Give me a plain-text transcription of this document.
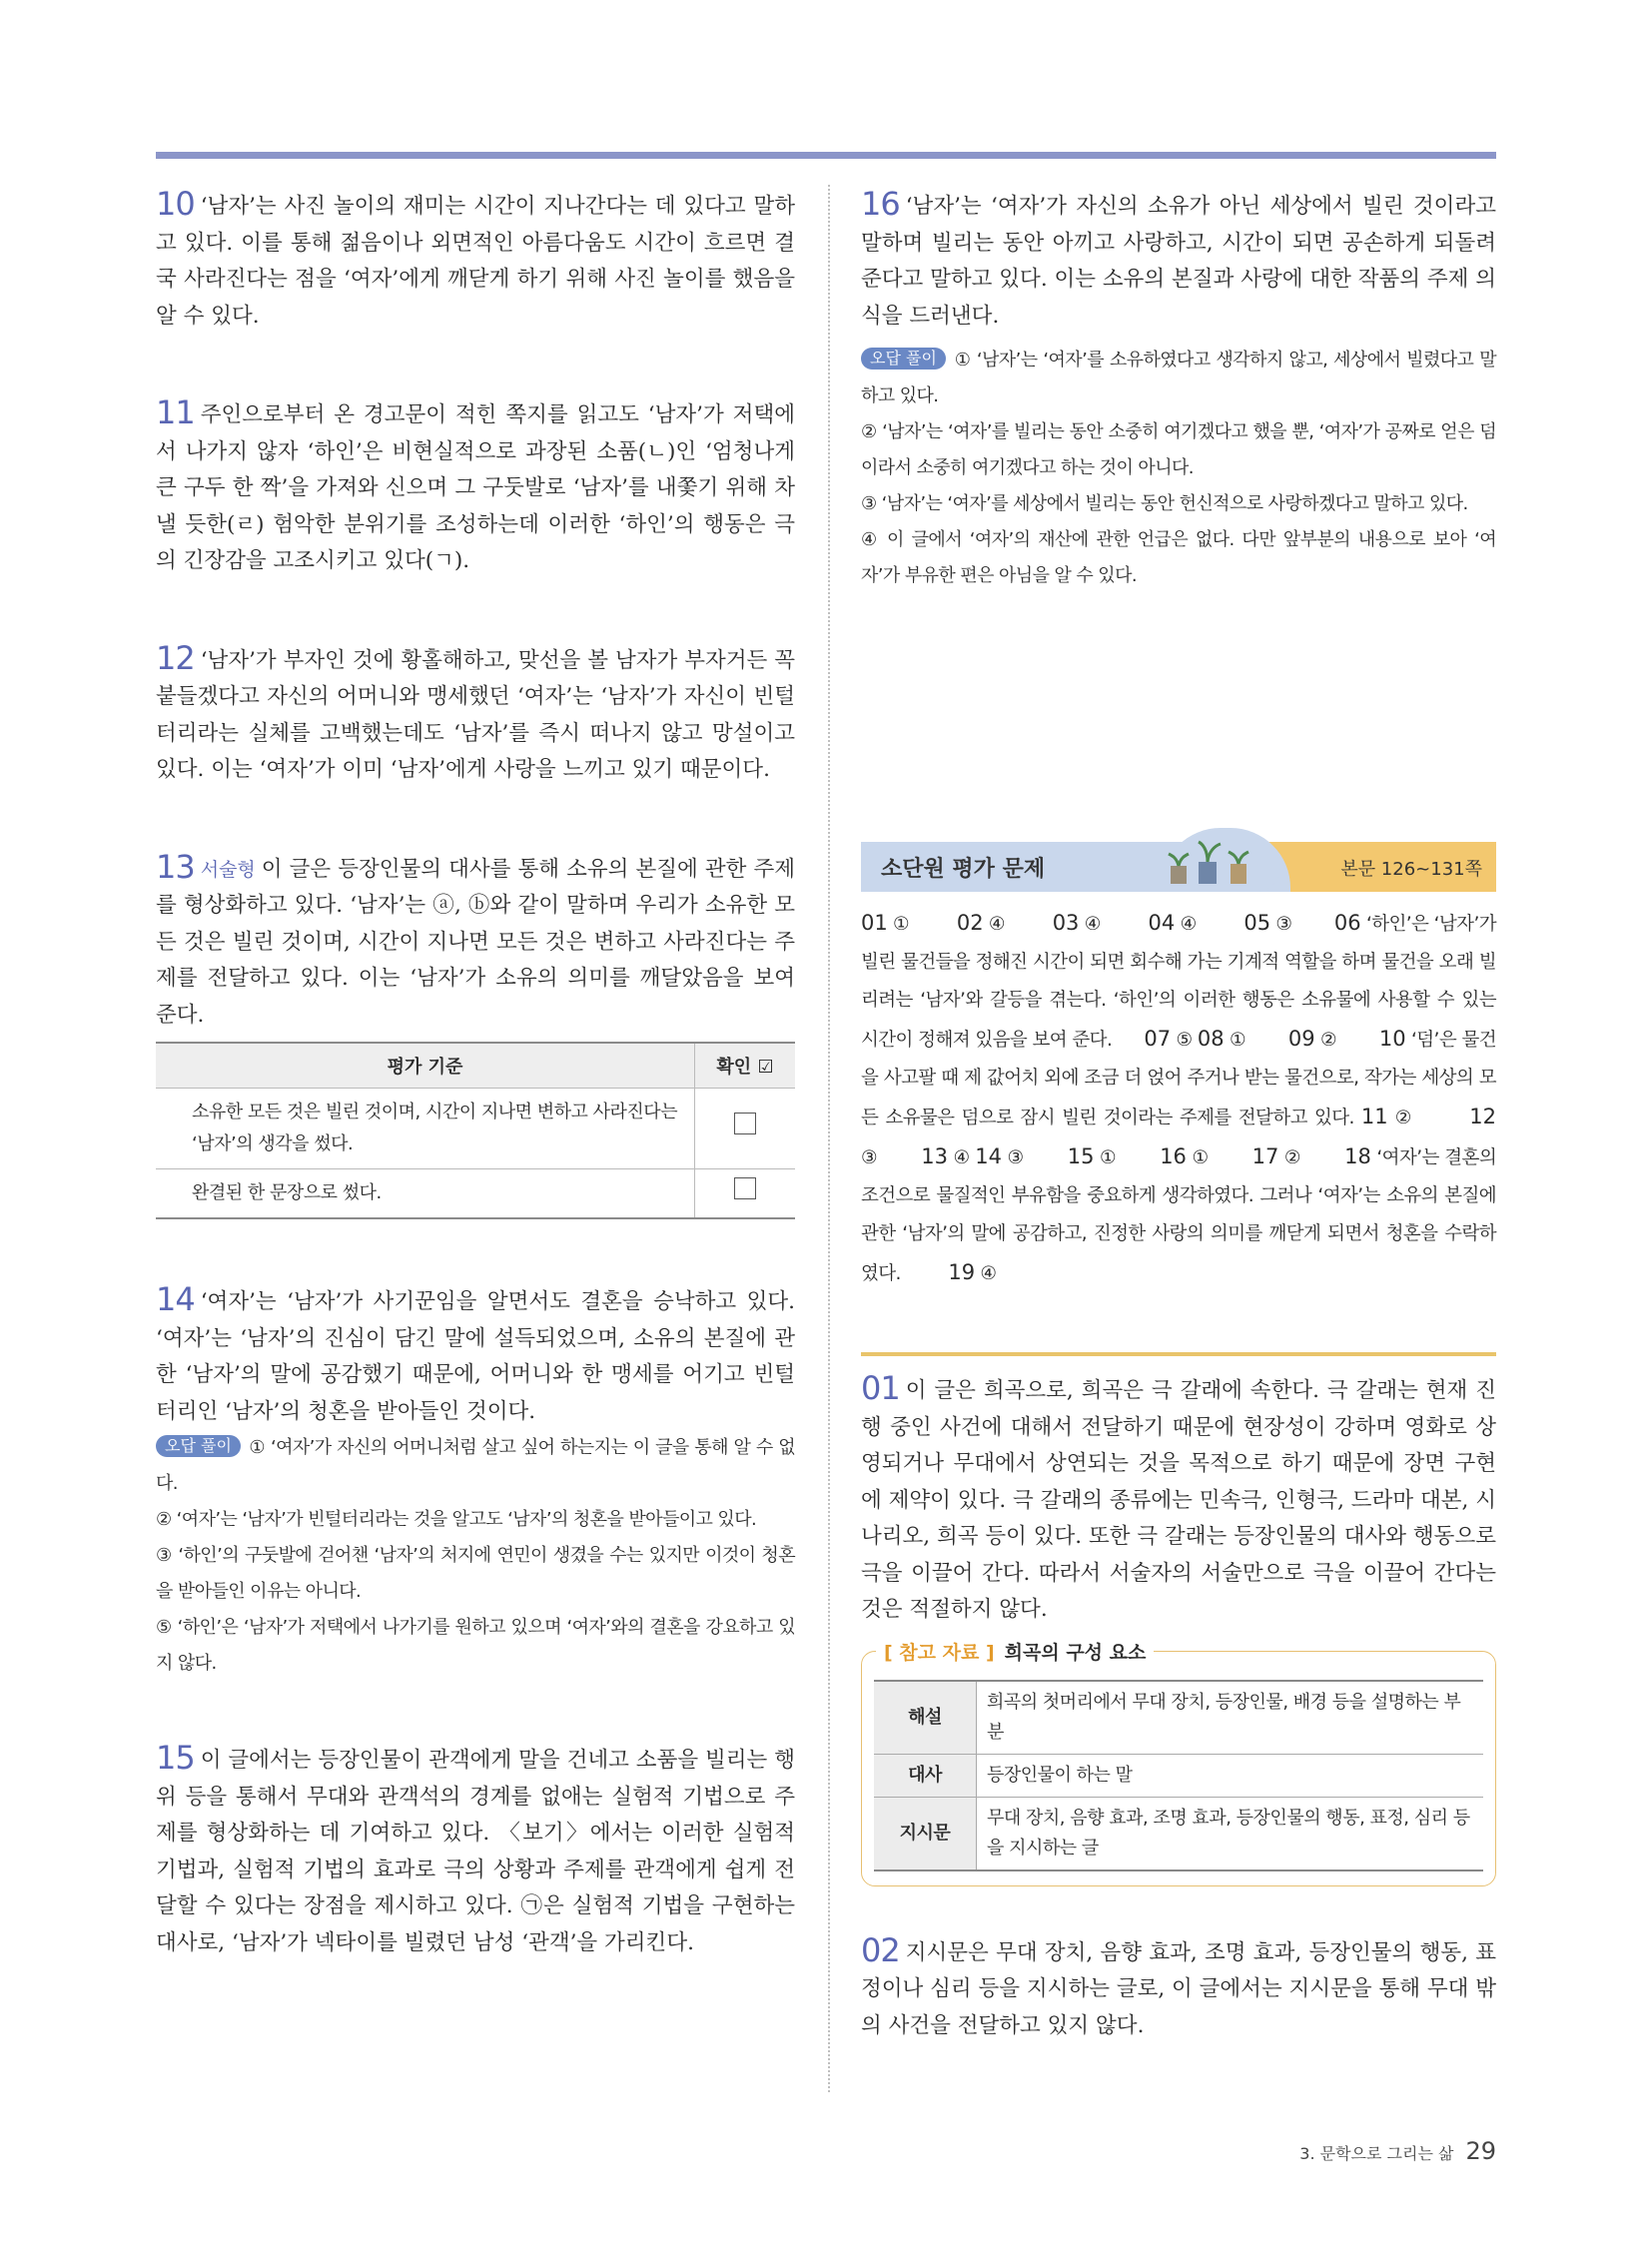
10 ‘남자’는 사진 놀이의 재미는 시간이 지나간다는 데 있다고 말하고 있다. 이를 통해 젊음이나 외면적인 아름다움도 시간이 흐르면 결국 사라진다는 점을 ‘여자’에게 깨닫게 하기 위해 사진 놀이를 했음을 알 수 있다.

11 주인으로부터 온 경고문이 적힌 쪽지를 읽고도 ‘남자’가 저택에서 나가지 않자 ‘하인’은 비현실적으로 과장된 소품(ㄴ)인 ‘엄청나게 큰 구두 한 짝’을 가져와 신으며 그 구둣발로 ‘남자’를 내쫓기 위해 차 낼 듯한(ㄹ) 험악한 분위기를 조성하는데 이러한 ‘하인’의 행동은 극의 긴장감을 고조시키고 있다(ㄱ).

12 ‘남자’가 부자인 것에 황홀해하고, 맞선을 볼 남자가 부자거든 꼭 붙들겠다고 자신의 어머니와 맹세했던 ‘여자’는 ‘남자’가 자신이 빈털터리라는 실체를 고백했는데도 ‘남자’를 즉시 떠나지 않고 망설이고 있다. 이는 ‘여자’가 이미 ‘남자’에게 사랑을 느끼고 있기 때문이다.

13 서술형 이 글은 등장인물의 대사를 통해 소유의 본질에 관한 주제를 형상화하고 있다. ‘남자’는 ⓐ, ⓑ와 같이 말하며 우리가 소유한 모든 것은 빌린 것이며, 시간이 지나면 모든 것은 변하고 사라진다는 주제를 전달하고 있다. 이는 ‘남자’가 소유의 의미를 깨달았음을 보여 준다.

평가 기준	확인 ☑
소유한 모든 것은 빌린 것이며, 시간이 지나면 변하고 사라진다는 ‘남자’의 생각을 썼다.	
완결된 한 문장으로 썼다.	

14 ‘여자’는 ‘남자’가 사기꾼임을 알면서도 결혼을 승낙하고 있다. ‘여자’는 ‘남자’의 진심이 담긴 말에 설득되었으며, 소유의 본질에 관한 ‘남자’의 말에 공감했기 때문에, 어머니와 한 맹세를 어기고 빈털터리인 ‘남자’의 청혼을 받아들인 것이다.

오답 풀이 ① ‘여자’가 자신의 어머니처럼 살고 싶어 하는지는 이 글을 통해 알 수 없다.

② ‘여자’는 ‘남자’가 빈털터리라는 것을 알고도 ‘남자’의 청혼을 받아들이고 있다.

③ ‘하인’의 구둣발에 걷어챈 ‘남자’의 처지에 연민이 생겼을 수는 있지만 이것이 청혼을 받아들인 이유는 아니다.

⑤ ‘하인’은 ‘남자’가 저택에서 나가기를 원하고 있으며 ‘여자’와의 결혼을 강요하고 있지 않다.

15 이 글에서는 등장인물이 관객에게 말을 건네고 소품을 빌리는 행위 등을 통해서 무대와 관객석의 경계를 없애는 실험적 기법으로 주제를 형상화하는 데 기여하고 있다. 〈보기〉에서는 이러한 실험적 기법과, 실험적 기법의 효과로 극의 상황과 주제를 관객에게 쉽게 전달할 수 있다는 장점을 제시하고 있다. ㉠은 실험적 기법을 구현하는 대사로, ‘남자’가 넥타이를 빌렸던 남성 ‘관객’을 가리킨다.

16 ‘남자’는 ‘여자’가 자신의 소유가 아닌 세상에서 빌린 것이라고 말하며 빌리는 동안 아끼고 사랑하고, 시간이 되면 공손하게 되돌려 준다고 말하고 있다. 이는 소유의 본질과 사랑에 대한 작품의 주제 의식을 드러낸다.

오답 풀이 ① ‘남자’는 ‘여자’를 소유하였다고 생각하지 않고, 세상에서 빌렸다고 말하고 있다.

② ‘남자’는 ‘여자’를 빌리는 동안 소중히 여기겠다고 했을 뿐, ‘여자’가 공짜로 얻은 덤이라서 소중히 여기겠다고 하는 것이 아니다.

③ ‘남자’는 ‘여자’를 세상에서 빌리는 동안 헌신적으로 사랑하겠다고 말하고 있다.

④ 이 글에서 ‘여자’의 재산에 관한 언급은 없다. 다만 앞부분의 내용으로 보아 ‘여자’가 부유한 편은 아님을 알 수 있다.

소단원 평가 문제	본문 126~131쪽

01 ① 02 ④ 03 ④ 04 ④ 05 ③ 06 ‘하인’은 ‘남자’가 빌린 물건들을 정해진 시간이 되면 회수해 가는 기계적 역할을 하며 물건을 오래 빌리려는 ‘남자’와 갈등을 겪는다. ‘하인’의 이러한 행동은 소유물에 사용할 수 있는 시간이 정해져 있음을 보여 준다. 07 ⑤ 08 ① 09 ② 10 ‘덤’은 물건을 사고팔 때 제 값어치 외에 조금 더 얹어 주거나 받는 물건으로, 작가는 세상의 모든 소유물은 덤으로 잠시 빌린 것이라는 주제를 전달하고 있다. 11 ②	12 ③ 13 ④ 14 ③ 15 ① 16 ① 17 ② 18 ‘여자’는 결혼의 조건으로 물질적인 부유함을 중요하게 생각하였다. 그러나 ‘여자’는 소유의 본질에 관한 ‘남자’의 말에 공감하고, 진정한 사랑의 의미를 깨닫게 되면서 청혼을 수락하였다. 19 ④

01 이 글은 희곡으로, 희곡은 극 갈래에 속한다. 극 갈래는 현재 진행 중인 사건에 대해서 전달하기 때문에 현장성이 강하며 영화로 상영되거나 무대에서 상연되는 것을 목적으로 하기 때문에 장면 구현에 제약이 있다. 극 갈래의 종류에는 민속극, 인형극, 드라마 대본, 시나리오, 희곡 등이 있다. 또한 극 갈래는 등장인물의 대사와 행동으로 극을 이끌어 간다. 따라서 서술자의 서술만으로 극을 이끌어 간다는 것은 적절하지 않다.

[ 참고 자료 ] 희곡의 구성 요소
해설	희곡의 첫머리에서 무대 장치, 등장인물, 배경 등을 설명하는 부분
대사	등장인물이 하는 말
지시문	무대 장치, 음향 효과, 조명 효과, 등장인물의 행동, 표정, 심리 등을 지시하는 글

02 지시문은 무대 장치, 음향 효과, 조명 효과, 등장인물의 행동, 표정이나 심리 등을 지시하는 글로, 이 글에서는 지시문을 통해 무대 밖의 사건을 전달하고 있지 않다.

3. 문학으로 그리는 삶 29
